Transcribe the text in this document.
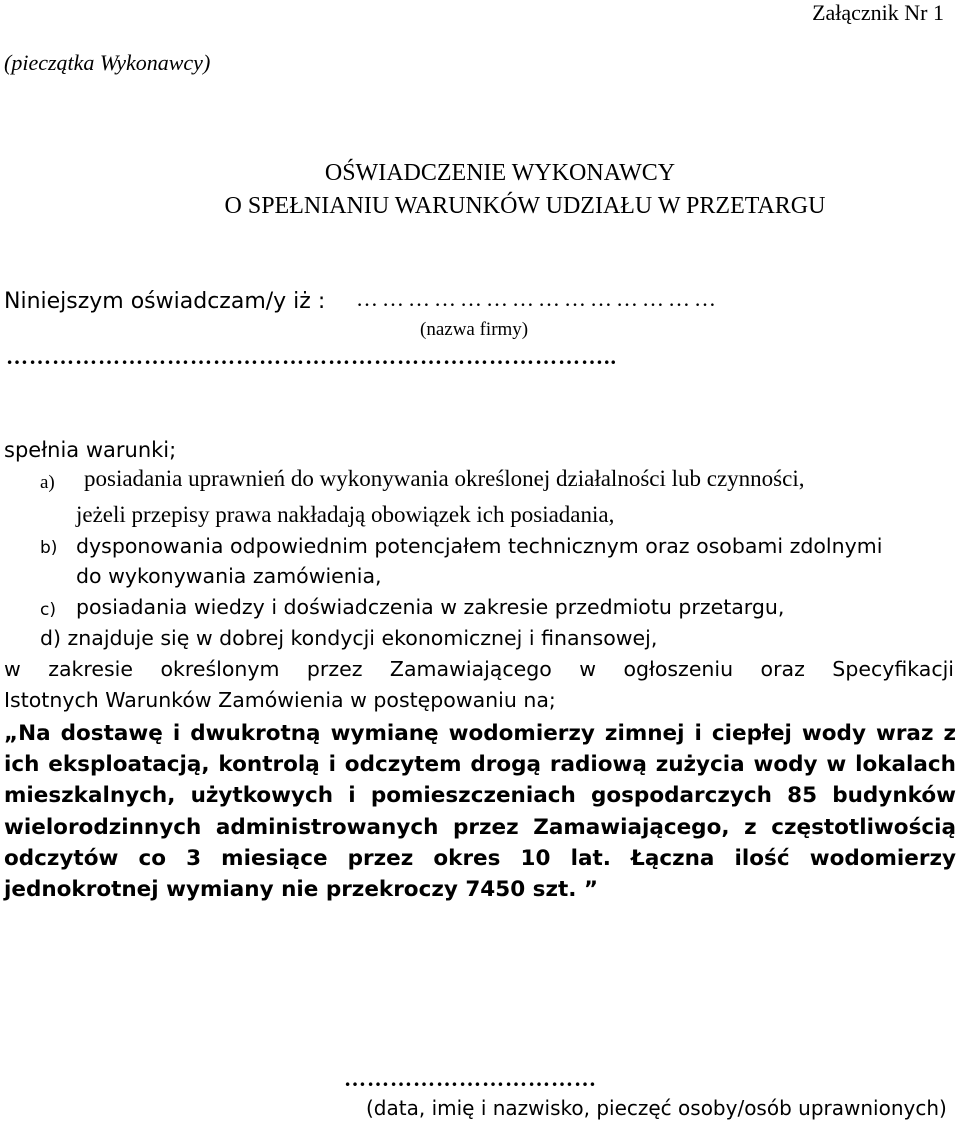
Załącznik Nr 1
(pieczątka Wykonawcy)
OŚWIADCZENIE WYKONAWCY
O SPEŁNIANIU WARUNKÓW UDZIAŁU W PRZETARGU
Niniejszym oświadczam/y iż : ……………………………………
(nazwa firmy)
……………………………………………………………………..
spełnia warunki;
a) posiadania uprawnień do wykonywania określonej działalności lub czynności,
jeżeli przepisy prawa nakładają obowiązek ich posiadania,
b) dysponowania odpowiednim potencjałem technicznym oraz osobami zdolnymi
do wykonywania zamówienia,
c) posiadania wiedzy i doświadczenia w zakresie przedmiotu przetargu,
d) znajduje się w dobrej kondycji ekonomicznej i finansowej,
w zakresie określonym przez Zamawiającego w ogłoszeniu oraz Specyfikacji
Istotnych Warunków Zamówienia w postępowaniu na;
„Na dostawę i dwukrotną wymianę wodomierzy zimnej i ciepłej wody wraz z ich eksploatacją, kontrolą i odczytem drogą radiową zużycia wody w lokalach mieszkalnych, użytkowych i pomieszczeniach gospodarczych 85 budynków wielorodzinnych administrowanych przez Zamawiającego, z częstotliwością odczytów co 3 miesiące przez okres 10 lat. Łączna ilość wodomierzy jednokrotnej wymiany nie przekroczy 7450 szt. ”
……………………………
(data, imię i nazwisko, pieczęć osoby/osób uprawnionych)
